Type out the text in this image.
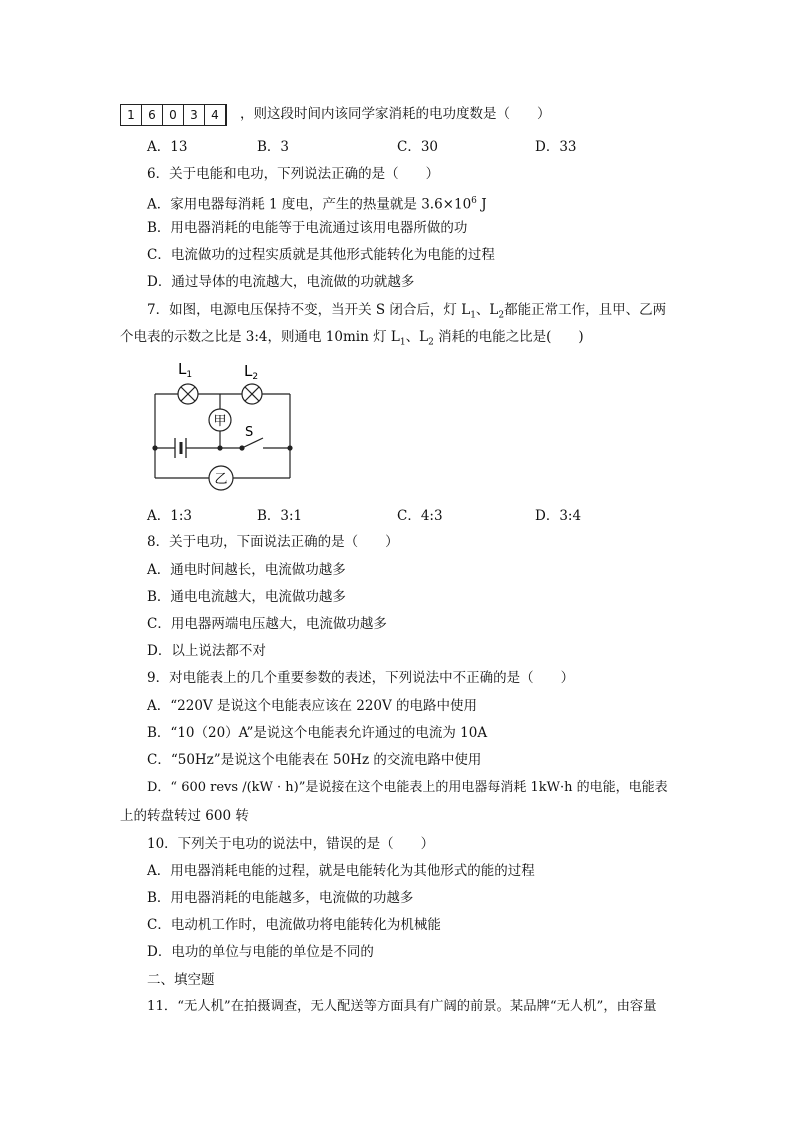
1	6	0	3	4	，则这段时间内该同学家消耗的电功度数是（　　）
A．13	B．3	C．30	D．33
6．关于电能和电功，下列说法正确的是（　　）
A．家用电器每消耗 1 度电，产生的热量就是 $3.6\times 10^6$ J
B．用电器消耗的电能等于电流通过该用电器所做的功
C．电流做功的过程实质就是其他形式能转化为电能的过程
D．通过导体的电流越大，电流做的功就越多
7．如图，电源电压保持不变，当开关 S 闭合后，灯 $L_1$、$L_2$都能正常工作，且甲、乙两
个电表的示数之比是 3:4，则通电 10min 灯 $L_1$、$L_2$ 消耗的电能之比是(　　)
$L_1$	$L_2$
甲
S
乙
A．1:3	B．3:1	C．4:3	D．3:4
8．关于电功，下面说法正确的是（　　）
A．通电时间越长，电流做功越多
B．通电电流越大，电流做功越多
C．用电器两端电压越大，电流做功越多
D．以上说法都不对
9．对电能表上的几个重要参数的表述，下列说法中不正确的是（　　）
A．“220V 是说这个电能表应该在 220V 的电路中使用
B．“10（20）A”是说这个电能表允许通过的电流为 10A
C．“50Hz”是说这个电能表在 50Hz 的交流电路中使用
D．“ 600 revs /(kW · h)”是说接在这个电能表上的用电器每消耗 1kW·h 的电能，电能表
上的转盘转过 600 转
10．下列关于电功的说法中，错误的是（　　）
A．用电器消耗电能的过程，就是电能转化为其他形式的能的过程
B．用电器消耗的电能越多，电流做的功越多
C．电动机工作时，电流做功将电能转化为机械能
D．电功的单位与电能的单位是不同的
二、填空题
11．“无人机”在拍摄调查，无人配送等方面具有广阔的前景。某品牌“无人机”，由容量
